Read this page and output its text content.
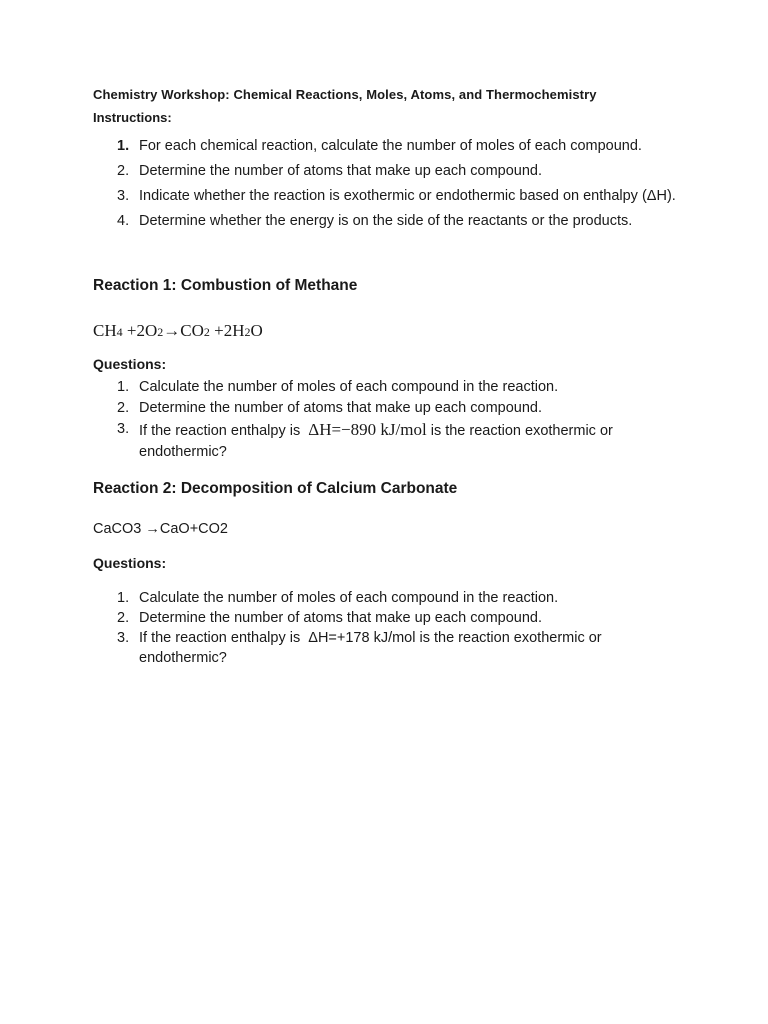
Chemistry Workshop: Chemical Reactions, Moles, Atoms, and Thermochemistry
Instructions:
1. For each chemical reaction, calculate the number of moles of each compound.
2. Determine the number of atoms that make up each compound.
3. Indicate whether the reaction is exothermic or endothermic based on enthalpy (ΔH).
4. Determine whether the energy is on the side of the reactants or the products.
Reaction 1: Combustion of Methane
CH4 +2O2→CO2 +2H2O
Questions:
1. Calculate the number of moles of each compound in the reaction.
2. Determine the number of atoms that make up each compound.
3. If the reaction enthalpy is  ΔH=−890 kJ/mol is the reaction exothermic or endothermic?
Reaction 2: Decomposition of Calcium Carbonate
CaCO3 →CaO+CO2
Questions:
1. Calculate the number of moles of each compound in the reaction.
2. Determine the number of atoms that make up each compound.
3. If the reaction enthalpy is  ΔH=+178 kJ/mol is the reaction exothermic or endothermic?
